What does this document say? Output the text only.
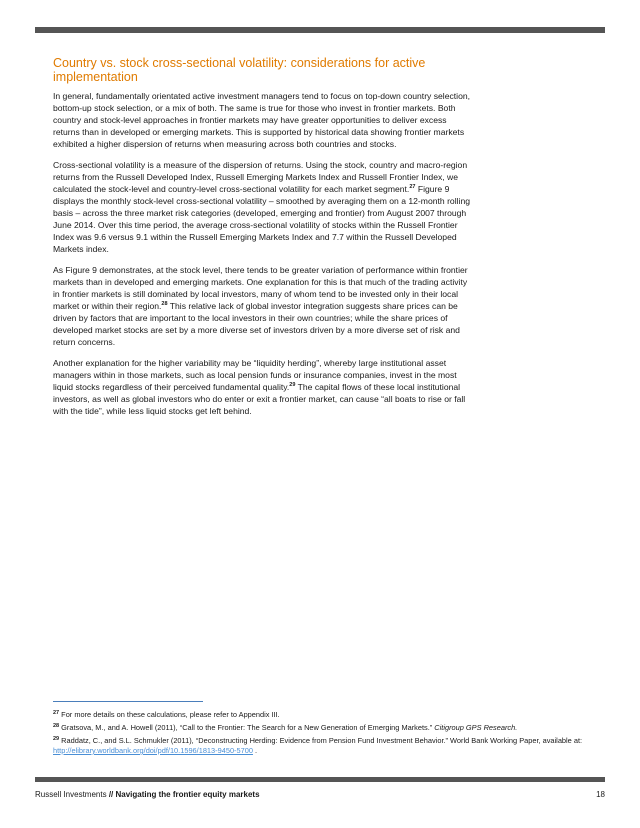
Country vs. stock cross-sectional volatility: considerations for active implementation

In general, fundamentally orientated active investment managers tend to focus on top-down country selection, bottom-up stock selection, or a mix of both. The same is true for those who invest in frontier markets. Both country and stock-level approaches in frontier markets may have greater opportunities to deliver excess returns than in developed or emerging markets. This is supported by historical data showing frontier markets exhibited a higher dispersion of returns when measuring across both countries and stocks.

Cross-sectional volatility is a measure of the dispersion of returns. Using the stock, country and macro-region returns from the Russell Developed Index, Russell Emerging Markets Index and Russell Frontier Index, we calculated the stock-level and country-level cross-sectional volatility for each market segment.$^{27}$ Figure 9 displays the monthly stock-level cross-sectional volatility – smoothed by averaging them on a 12-month rolling basis – across the three market risk categories (developed, emerging and frontier) from August 2007 through June 2014. Over this time period, the average cross-sectional volatility of stocks within the Russell Frontier Index was 9.6 versus 9.1 within the Russell Emerging Markets Index and 7.7 within the Russell Developed Markets index.

As Figure 9 demonstrates, at the stock level, there tends to be greater variation of performance within frontier markets than in developed and emerging markets. One explanation for this is that much of the trading activity in frontier markets is still dominated by local investors, many of whom tend to be invested only in their local market or within their region.$^{28}$ This relative lack of global investor integration suggests share prices can be driven by factors that are important to the local investors in their own countries; while the share prices of developed market stocks are set by a more diverse set of investors driven by a more diverse set of risk and return concerns.

Another explanation for the higher variability may be “liquidity herding”, whereby large institutional asset managers within in those markets, such as local pension funds or insurance companies, invest in the most liquid stocks regardless of their perceived fundamental quality.$^{29}$ The capital flows of these local institutional investors, as well as global investors who do enter or exit a frontier market, can cause “all boats to rise or fall with the tide”, while less liquid stocks get left behind.

$^{27}$ For more details on these calculations, please refer to Appendix III.
$^{28}$ Gratsova, M., and A. Howell (2011), “Call to the Frontier: The Search for a New Generation of Emerging Markets.” Citigroup GPS Research.
$^{29}$ Raddatz, C., and S.L. Schmukler (2011), “Deconstructing Herding: Evidence from Pension Fund Investment Behavior.” World Bank Working Paper, available at: http://elibrary.worldbank.org/doi/pdf/10.1596/1813-9450-5700 .
Russell Investments // Navigating the frontier equity markets	18
